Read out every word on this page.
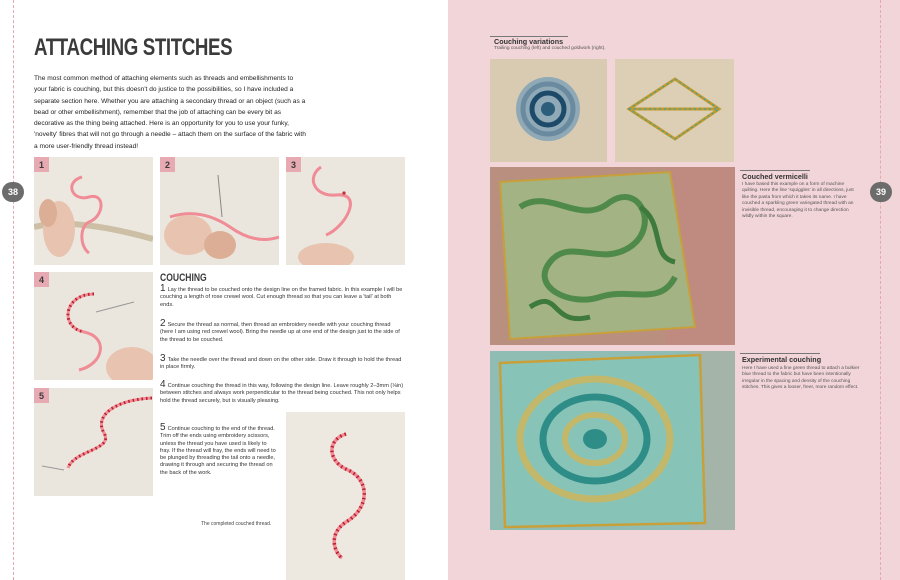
ATTACHING STITCHES
The most common method of attaching elements such as threads and embellishments to your fabric is couching, but this doesn't do justice to the possibilities, so I have included a separate section here. Whether you are attaching a secondary thread or an object (such as a bead or other embellishment), remember that the job of attaching can be every bit as decorative as the thing being attached. Here is an opportunity for you to use your funky, 'novelty' fibres that will not go through a needle – attach them on the surface of the fabric with a more user-friendly thread instead!
1	2	3
4
5
COUCHING
1 Lay the thread to be couched onto the design line on the framed fabric. In this example I will be couching a length of rose crewel wool. Cut enough thread so that you can leave a 'tail' at both ends.
2 Secure the thread as normal, then thread an embroidery needle with your couching thread (here I am using red crewel wool). Bring the needle up at one end of the design just to the side of the thread to be couched.
3 Take the needle over the thread and down on the other side. Draw it through to hold the thread in place firmly.
4 Continue couching the thread in this way, following the design line. Leave roughly 2–3mm (⅛in) between stitches and always work perpendicular to the thread being couched. This not only helps hold the thread securely, but is visually pleasing.
5 Continue couching to the end of the thread. Trim off the ends using embroidery scissors, unless the thread you have used is likely to fray. If the thread will fray, the ends will need to be plunged by threading the tail onto a needle, drawing it through and securing the thread on the back of the work.
The completed couched thread.
Couching variations
Trailing couching (left) and couched goldwork (right).
Couched vermicelli
I have based this example on a form of machine quilting. Here the line 'squiggles' in all directions, just like the pasta from which it takes its name. I have couched a sparkling green variegated thread with an invisible thread, encouraging it to change direction wildly within the square.
Experimental couching
Here I have used a fine green thread to attach a bulkier blue thread to the fabric but have been intentionally irregular in the spacing and density of the couching stitches. This gives a looser, freer, more random effect.
38	39
